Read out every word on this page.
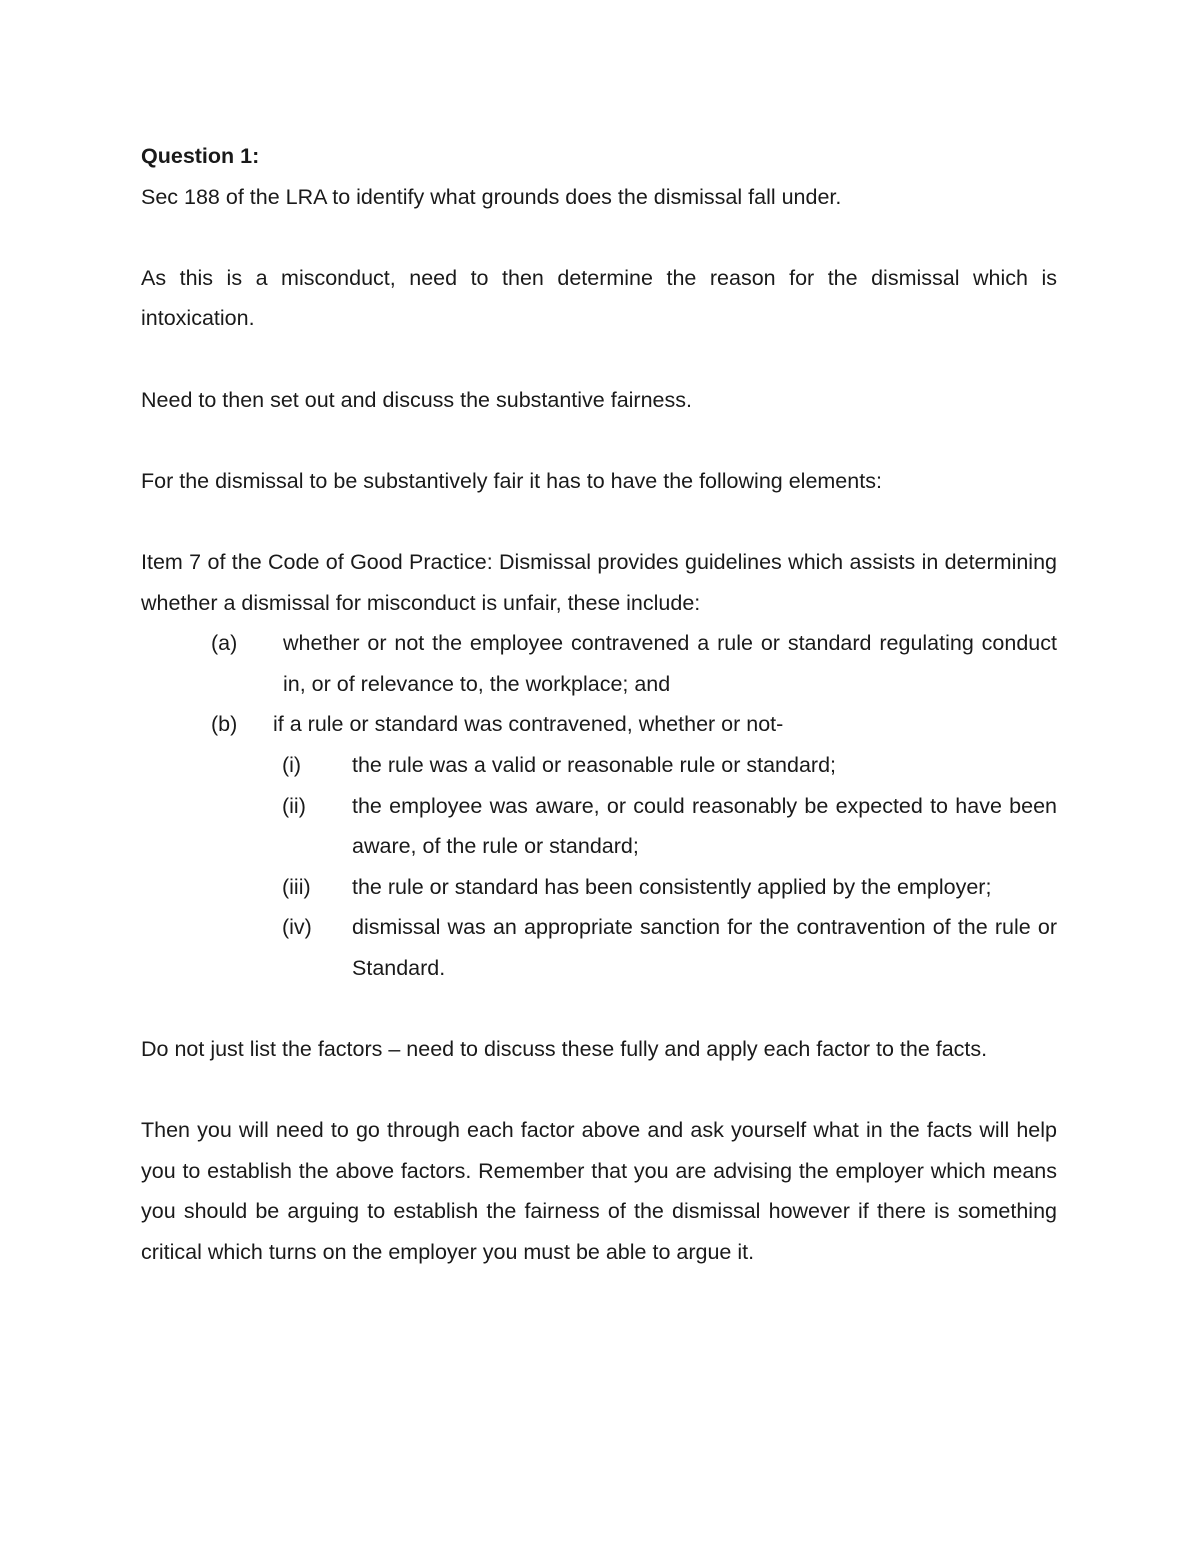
Question 1:

Sec 188 of the LRA to identify what grounds does the dismissal fall under.

As this is a misconduct, need to then determine the reason for the dismissal which is intoxication.

Need to then set out and discuss the substantive fairness.

For the dismissal to be substantively fair it has to have the following elements:

Item 7 of the Code of Good Practice: Dismissal provides guidelines which assists in determining whether a dismissal for misconduct is unfair, these include:

(a)	whether or not the employee contravened a rule or standard regulating conduct in, or of relevance to, the workplace; and
(b)	if a rule or standard was contravened, whether or not-
(i)	the rule was a valid or reasonable rule or standard;
(ii)	the employee was aware, or could reasonably be expected to have been aware, of the rule or standard;
(iii)	the rule or standard has been consistently applied by the employer;
(iv)	dismissal was an appropriate sanction for the contravention of the rule or Standard.

Do not just list the factors – need to discuss these fully and apply each factor to the facts.

Then you will need to go through each factor above and ask yourself what in the facts will help you to establish the above factors. Remember that you are advising the employer which means you should be arguing to establish the fairness of the dismissal however if there is something critical which turns on the employer you must be able to argue it.
